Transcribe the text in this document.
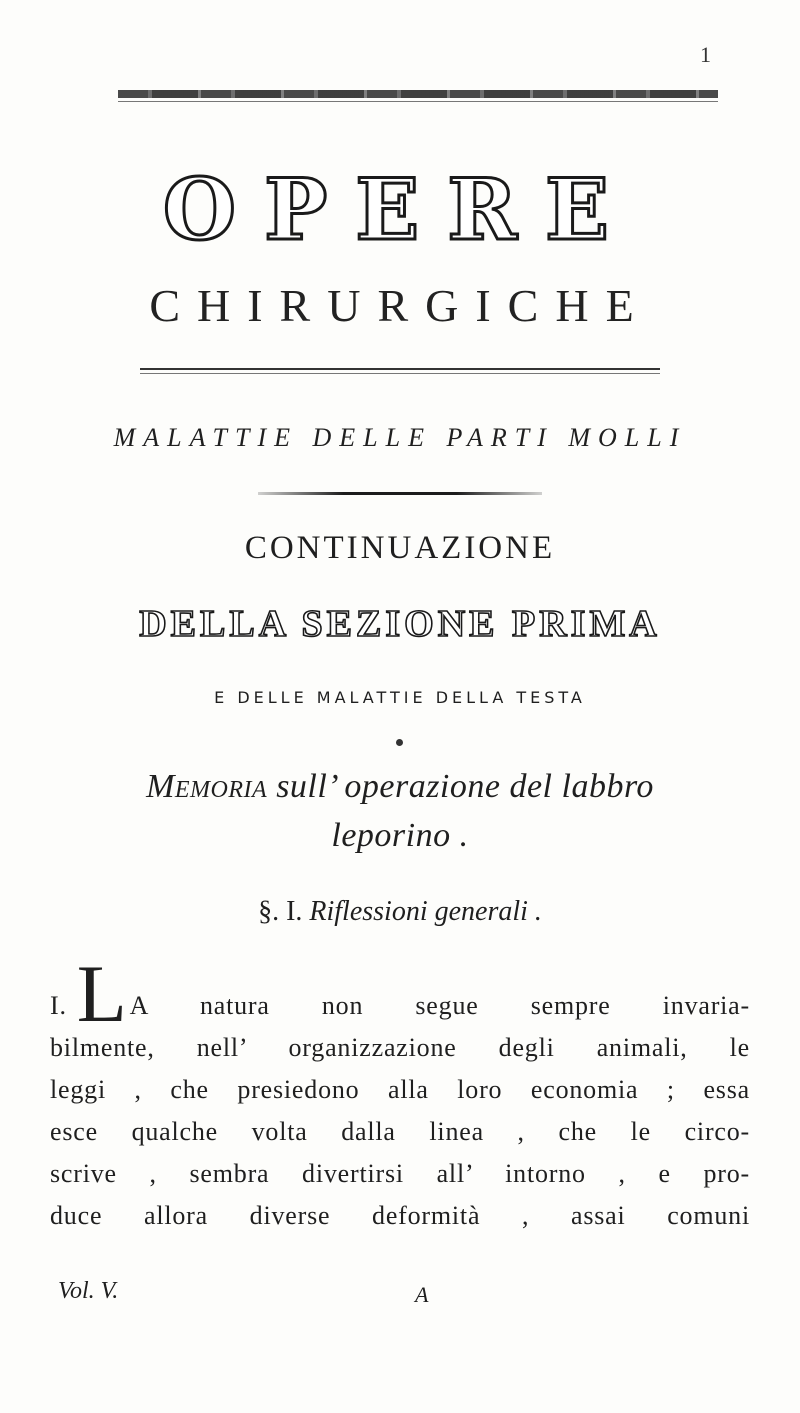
1
OPERE
CHIRURGICHE
MALATTIE DELLE PARTI MOLLI
CONTINUAZIONE
DELLA SEZIONE PRIMA
E DELLE MALATTIE DELLA TESTA
Memoria sull’ operazione del labbro
leporino .
§. I. Riflessioni generali .
I. L A natura non segue sempre invaria-
bilmente, nell’ organizzazione degli animali, le
leggi , che presiedono alla loro economia ; essa
esce qualche volta dalla linea , che le circo-
scrive , sembra divertirsi all’ intorno , e pro-
duce allora diverse deformità , assai comuni
Vol. V.	A
